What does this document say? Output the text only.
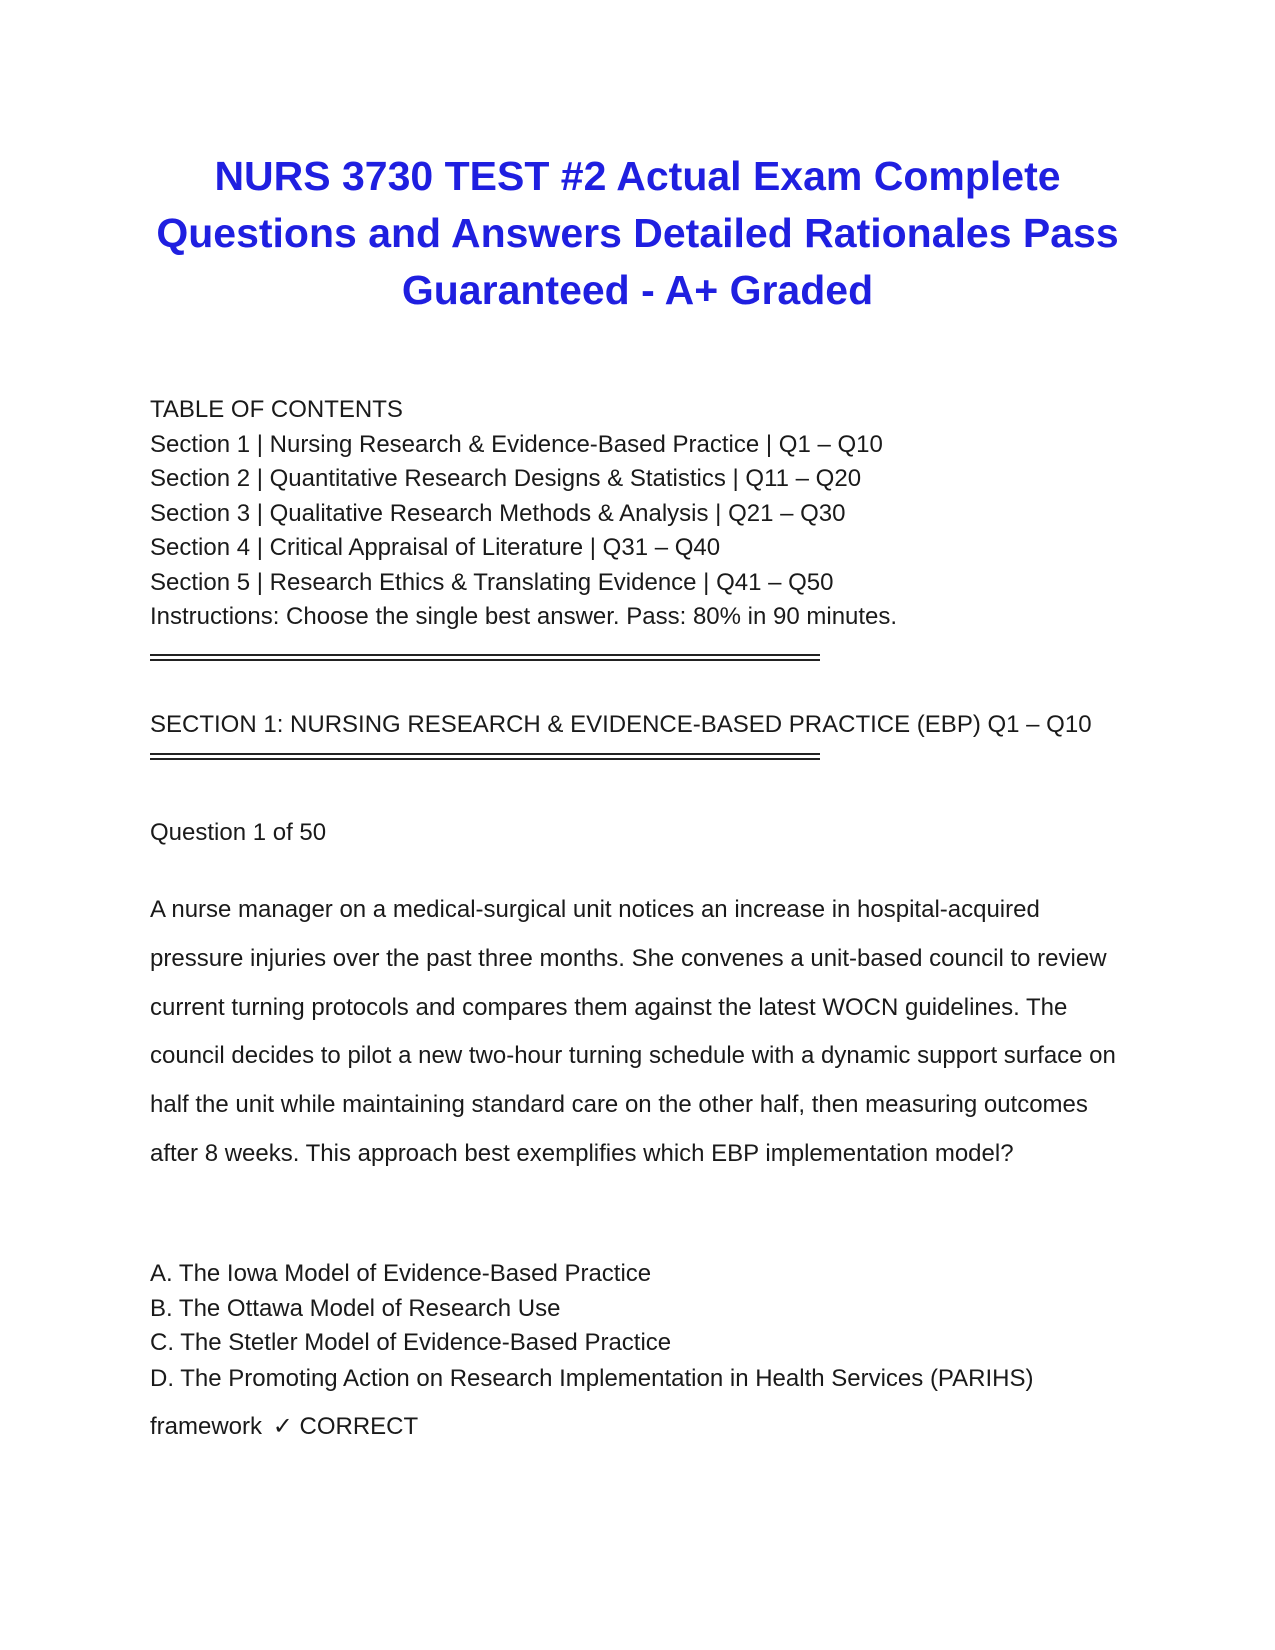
NURS 3730 TEST #2 Actual Exam Complete
Questions and Answers Detailed Rationales Pass
Guaranteed - A+ Graded
TABLE OF CONTENTS
Section 1 | Nursing Research & Evidence-Based Practice | Q1 – Q10
Section 2 | Quantitative Research Designs & Statistics | Q11 – Q20
Section 3 | Qualitative Research Methods & Analysis | Q21 – Q30
Section 4 | Critical Appraisal of Literature | Q31 – Q40
Section 5 | Research Ethics & Translating Evidence | Q41 – Q50
Instructions: Choose the single best answer. Pass: 80% in 90 minutes.
SECTION 1: NURSING RESEARCH & EVIDENCE-BASED PRACTICE (EBP) Q1 – Q10
Question 1 of 50

A nurse manager on a medical-surgical unit notices an increase in hospital-acquired pressure injuries over the past three months. She convenes a unit-based council to review current turning protocols and compares them against the latest WOCN guidelines. The council decides to pilot a new two-hour turning schedule with a dynamic support surface on half the unit while maintaining standard care on the other half, then measuring outcomes after 8 weeks. This approach best exemplifies which EBP implementation model?

A. The Iowa Model of Evidence-Based Practice
B. The Ottawa Model of Research Use
C. The Stetler Model of Evidence-Based Practice
D. The Promoting Action on Research Implementation in Health Services (PARIHS) framework ✓ CORRECT
